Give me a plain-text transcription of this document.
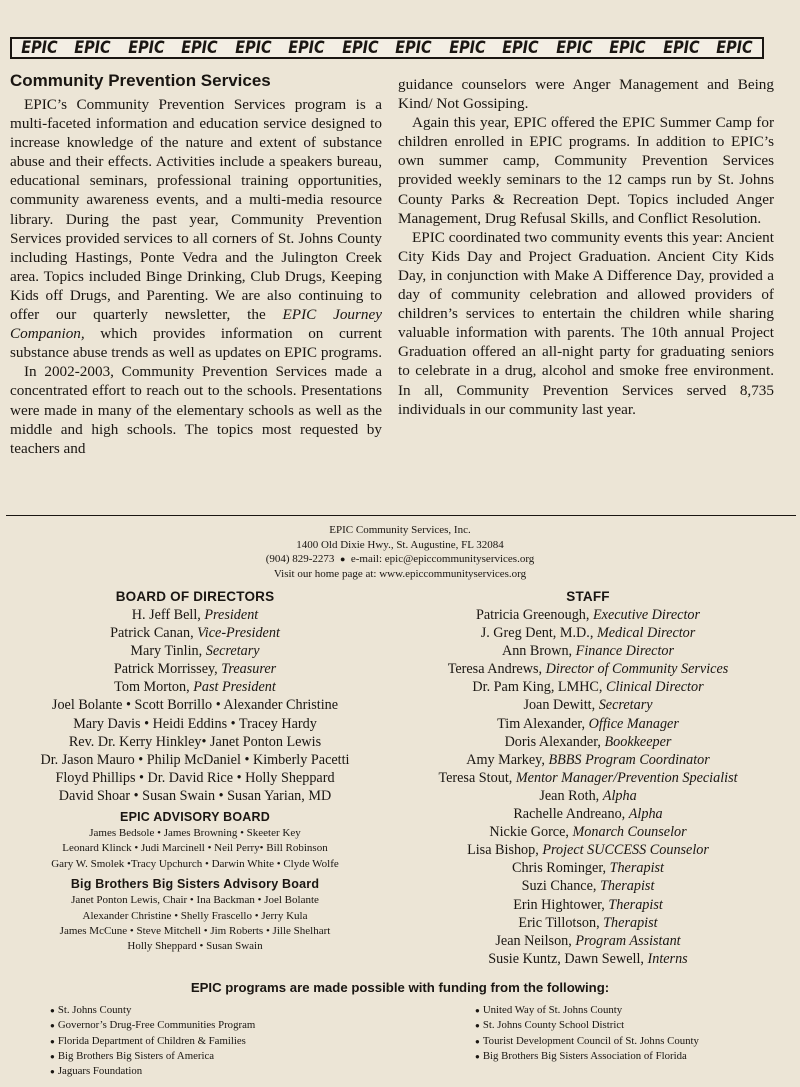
EPIC EPIC EPIC EPIC EPIC EPIC EPIC EPIC EPIC EPIC EPIC EPIC EPIC EPIC
Community Prevention Services

EPIC’s Community Prevention Services program is a multi-faceted information and education service designed to increase knowledge of the nature and extent of substance abuse and their effects. Activities include a speakers bureau, educational seminars, professional training opportunities, community awareness events, and a multi-media resource library. During the past year, Community Prevention Services provided services to all corners of St. Johns County including Hastings, Ponte Vedra and the Julington Creek area. Topics included Binge Drinking, Club Drugs, Keeping Kids off Drugs, and Parenting. We are also continuing to offer our quarterly newsletter, the EPIC Journey Companion, which provides information on current substance abuse trends as well as updates on EPIC programs.

In 2002-2003, Community Prevention Services made a concentrated effort to reach out to the schools. Presentations were made in many of the elementary schools as well as the middle and high schools. The topics most requested by teachers and

guidance counselors were Anger Management and Being Kind/ Not Gossiping.

Again this year, EPIC offered the EPIC Summer Camp for children enrolled in EPIC programs. In addition to EPIC’s own summer camp, Community Prevention Services provided weekly seminars to the 12 camps run by St. Johns County Parks & Recreation Dept. Topics included Anger Management, Drug Refusal Skills, and Conflict Resolution.

EPIC coordinated two community events this year: Ancient City Kids Day and Project Graduation. Ancient City Kids Day, in conjunction with Make A Difference Day, provided a day of community celebration and allowed providers of children’s services to entertain the children while sharing valuable information with parents. The 10th annual Project Graduation offered an all-night party for graduating seniors to celebrate in a drug, alcohol and smoke free environment. In all, Community Prevention Services served 8,735 individuals in our community last year.

EPIC Community Services, Inc.
1400 Old Dixie Hwy., St. Augustine, FL 32084
(904) 829-2273 ● e-mail: epic@epiccommunityservices.org
Visit our home page at: www.epiccommunityservices.org
BOARD OF DIRECTORS
H. Jeff Bell, President
Patrick Canan, Vice-President
Mary Tinlin, Secretary
Patrick Morrissey, Treasurer
Tom Morton, Past President
Joel Bolante • Scott Borrillo • Alexander Christine
Mary Davis • Heidi Eddins • Tracey Hardy
Rev. Dr. Kerry Hinkley• Janet Ponton Lewis
Dr. Jason Mauro • Philip McDaniel • Kimberly Pacetti
Floyd Phillips • Dr. David Rice • Holly Sheppard
David Shoar • Susan Swain • Susan Yarian, MD
EPIC ADVISORY BOARD
James Bedsole • James Browning • Skeeter Key
Leonard Klinck • Judi Marcinell • Neil Perry• Bill Robinson
Gary W. Smolek •Tracy Upchurch • Darwin White • Clyde Wolfe
Big Brothers Big Sisters Advisory Board
Janet Ponton Lewis, Chair • Ina Backman • Joel Bolante
Alexander Christine • Shelly Frascello • Jerry Kula
James McCune • Steve Mitchell • Jim Roberts • Jille Shelhart
Holly Sheppard • Susan Swain
STAFF
Patricia Greenough, Executive Director
J. Greg Dent, M.D., Medical Director
Ann Brown, Finance Director
Teresa Andrews, Director of Community Services
Dr. Pam King, LMHC, Clinical Director
Joan Dewitt, Secretary
Tim Alexander, Office Manager
Doris Alexander, Bookkeeper
Amy Markey, BBBS Program Coordinator
Teresa Stout, Mentor Manager/Prevention Specialist
Jean Roth, Alpha
Rachelle Andreano, Alpha
Nickie Gorce, Monarch Counselor
Lisa Bishop, Project SUCCESS Counselor
Chris Rominger, Therapist
Suzi Chance, Therapist
Erin Hightower, Therapist
Eric Tillotson, Therapist
Jean Neilson, Program Assistant
Susie Kuntz, Dawn Sewell, Interns
EPIC programs are made possible with funding from the following:
● St. Johns County
● Governor’s Drug-Free Communities Program
● Florida Department of Children & Families
● Big Brothers Big Sisters of America
● Jaguars Foundation
● United Way of St. Johns County
● St. Johns County School District
● Tourist Development Council of St. Johns County
● Big Brothers Big Sisters Association of Florida
